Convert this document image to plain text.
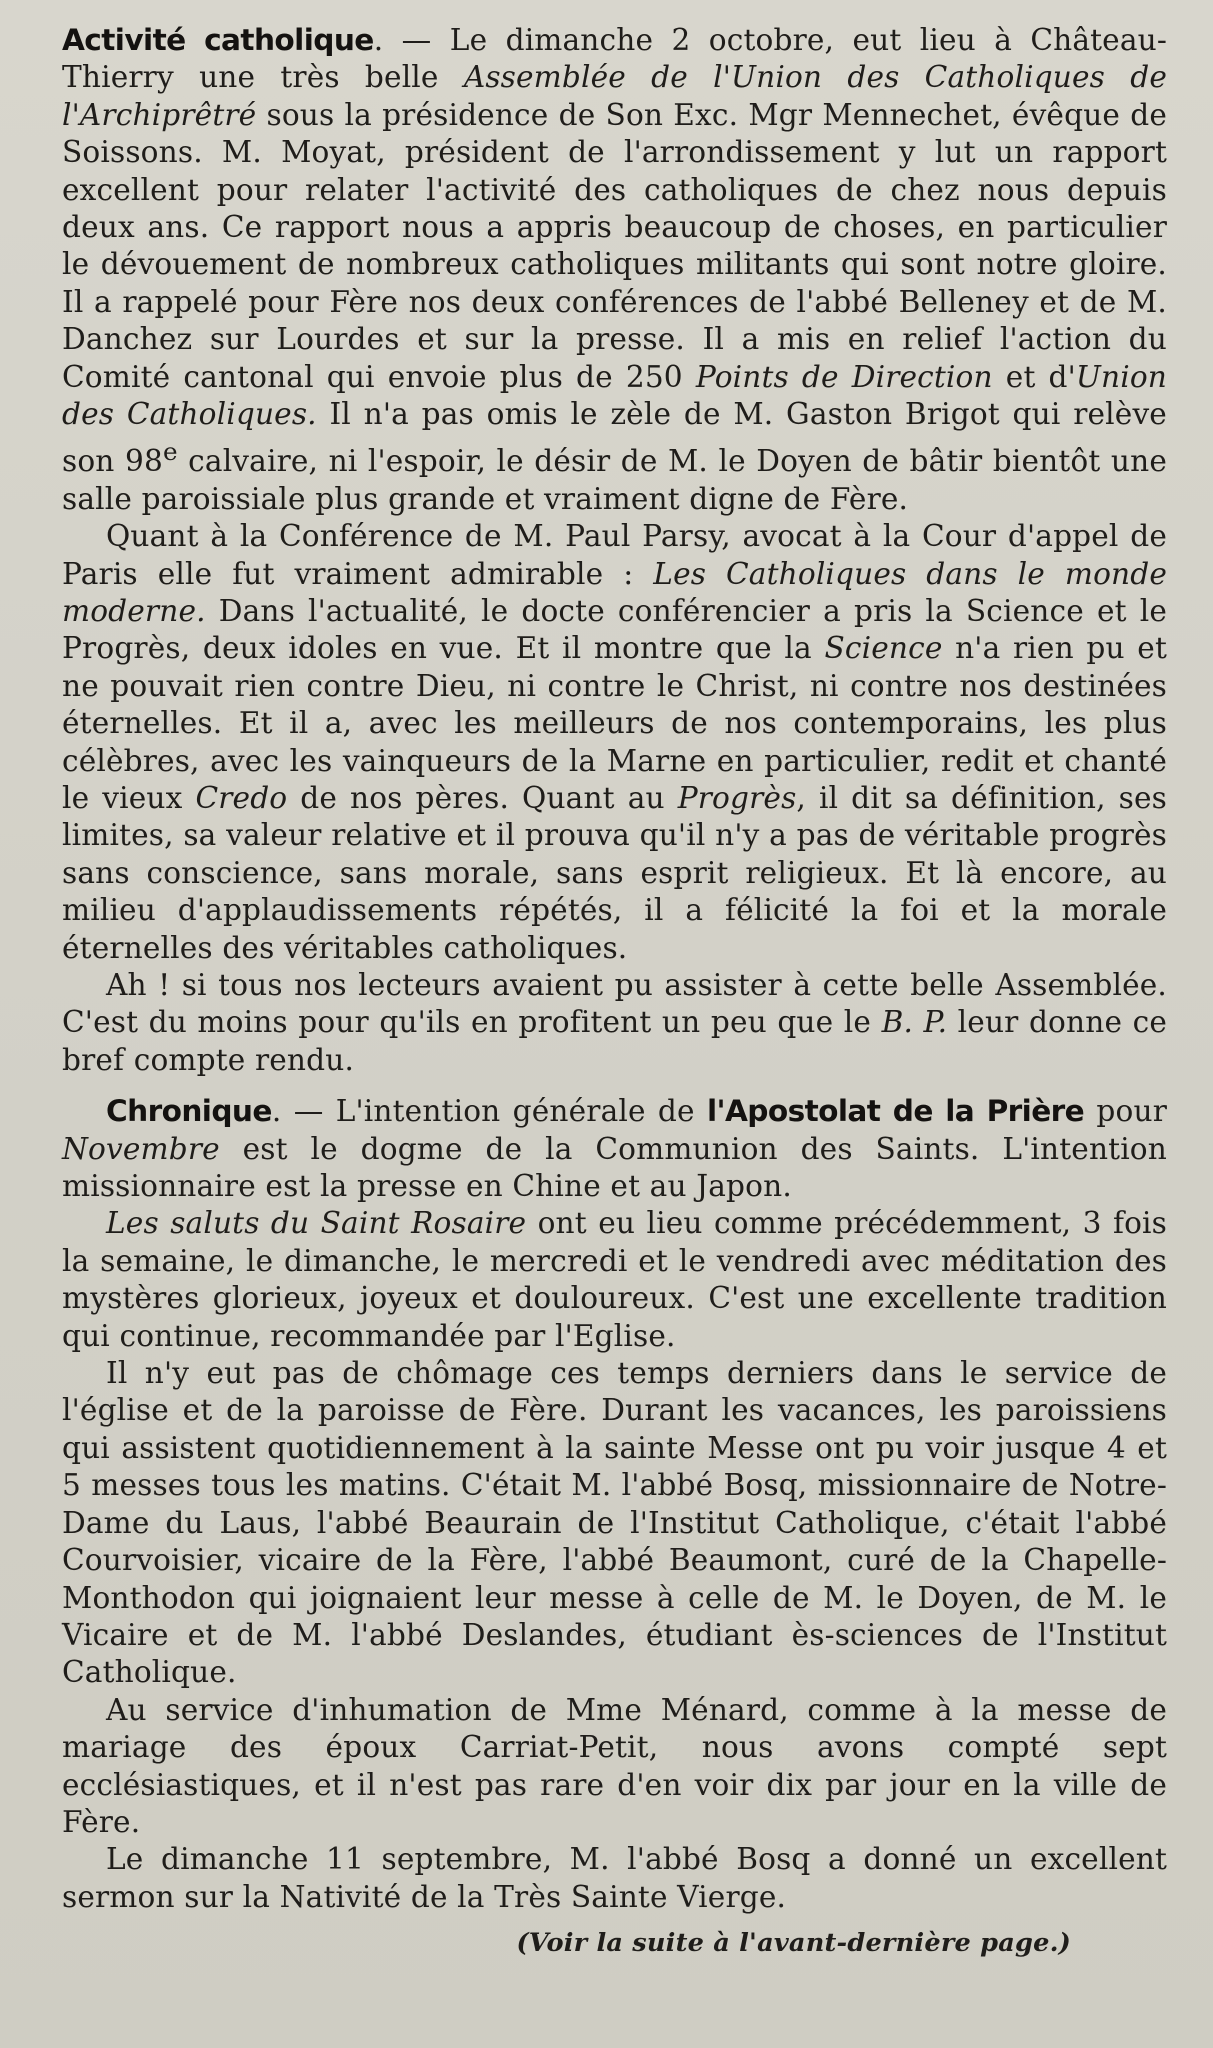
Activité catholique. — Le dimanche 2 octobre, eut lieu à Château-Thierry une très belle Assemblée de l'Union des Catholiques de l'Archiprêtré sous la présidence de Son Exc. Mgr Mennechet, évêque de Soissons. M. Moyat, président de l'arrondissement y lut un rapport excellent pour relater l'activité des catholiques de chez nous depuis deux ans. Ce rapport nous a appris beaucoup de choses, en particulier le dévouement de nombreux catholiques militants qui sont notre gloire. Il a rappelé pour Fère nos deux conférences de l'abbé Belleney et de M. Danchez sur Lourdes et sur la presse. Il a mis en relief l'action du Comité cantonal qui envoie plus de 250 Points de Direction et d'Union des Catholiques. Il n'a pas omis le zèle de M. Gaston Brigot qui relève son 98e calvaire, ni l'espoir, le désir de M. le Doyen de bâtir bientôt une salle paroissiale plus grande et vraiment digne de Fère.

Quant à la Conférence de M. Paul Parsy, avocat à la Cour d'appel de Paris elle fut vraiment admirable : Les Catholiques dans le monde moderne. Dans l'actualité, le docte conférencier a pris la Science et le Progrès, deux idoles en vue. Et il montre que la Science n'a rien pu et ne pouvait rien contre Dieu, ni contre le Christ, ni contre nos destinées éternelles. Et il a, avec les meilleurs de nos contemporains, les plus célèbres, avec les vainqueurs de la Marne en particulier, redit et chanté le vieux Credo de nos pères. Quant au Progrès, il dit sa définition, ses limites, sa valeur relative et il prouva qu'il n'y a pas de véritable progrès sans conscience, sans morale, sans esprit religieux. Et là encore, au milieu d'applaudissements répétés, il a félicité la foi et la morale éternelles des véritables catholiques.

Ah ! si tous nos lecteurs avaient pu assister à cette belle Assemblée. C'est du moins pour qu'ils en profitent un peu que le B. P. leur donne ce bref compte rendu.

Chronique. — L'intention générale de l'Apostolat de la Prière pour Novembre est le dogme de la Communion des Saints. L'intention missionnaire est la presse en Chine et au Japon.

Les saluts du Saint Rosaire ont eu lieu comme précédemment, 3 fois la semaine, le dimanche, le mercredi et le vendredi avec méditation des mystères glorieux, joyeux et douloureux. C'est une excellente tradition qui continue, recommandée par l'Eglise.

Il n'y eut pas de chômage ces temps derniers dans le service de l'église et de la paroisse de Fère. Durant les vacances, les paroissiens qui assistent quotidiennement à la sainte Messe ont pu voir jusque 4 et 5 messes tous les matins. C'était M. l'abbé Bosq, missionnaire de Notre-Dame du Laus, l'abbé Beaurain de l'Institut Catholique, c'était l'abbé Courvoisier, vicaire de la Fère, l'abbé Beaumont, curé de la Chapelle-Monthodon qui joignaient leur messe à celle de M. le Doyen, de M. le Vicaire et de M. l'abbé Deslandes, étudiant ès-sciences de l'Institut Catholique.

Au service d'inhumation de Mme Ménard, comme à la messe de mariage des époux Carriat-Petit, nous avons compté sept ecclésiastiques, et il n'est pas rare d'en voir dix par jour en la ville de Fère.

Le dimanche 11 septembre, M. l'abbé Bosq a donné un excellent sermon sur la Nativité de la Très Sainte Vierge.

(Voir la suite à l'avant-dernière page.)
